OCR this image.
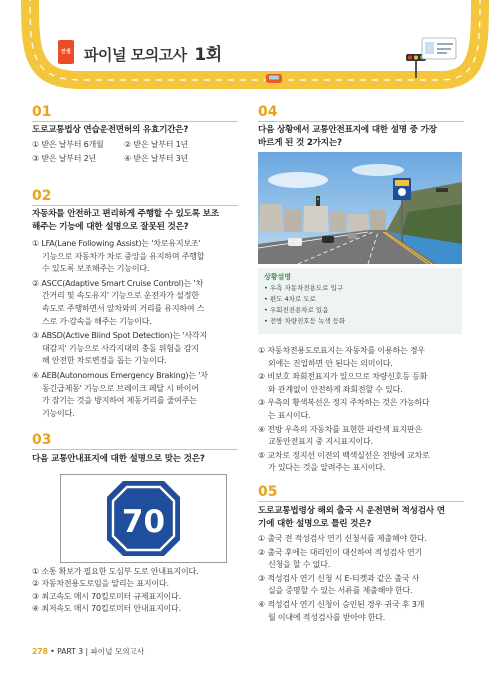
만점 파이널 모의고사 1회
01
도로교통법상 연습운전면허의 유효기간은?
① 받은 날부터 6개월	② 받은 날부터 1년
③ 받은 날부터 2년	④ 받은 날부터 3년
02
자동차를 안전하고 편리하게 주행할 수 있도록 보조
해주는 기능에 대한 설명으로 잘못된 것은?
① LFA(Lane Following Assist)는 '차로유지보조'
기능으로 자동차가 차로 중앙을 유지하며 주행할
수 있도록 보조해주는 기능이다.
② ASCC(Adaptive Smart Cruise Control)는 '차
간거리 및 속도유지' 기능으로 운전자가 설정한
속도로 주행하면서 앞차와의 거리를 유지하여 스
스로 가·감속을 해주는 기능이다.
③ ABSD(Active Blind Spot Detection)는 '사각지
대감지' 기능으로 사각지대의 충돌 위험을 감지
해 안전한 차로변경을 돕는 기능이다.
④ AEB(Autonomous Emergency Braking)는 '자
동긴급제동' 기능으로 브레이크 페달 시 바이어
가 잠기는 것을 방지하여 제동거리를 줄여주는
기능이다.
03
다음 교통안내표지에 대한 설명으로 맞는 것은?
70
① 소통 확보가 필요한 도심부 도로 안내표지이다.
② 자동차전용도로임을 알리는 표지이다.
③ 최고속도 매시 70킬로미터 규제표지이다.
④ 최저속도 매시 70킬로미터 안내표지이다.
04
다음 상황에서 교통안전표지에 대한 설명 중 가장
바르게 된 것 2가지는?
상황설명
• 우측 자동차전용도로 입구
• 편도 4차로 도로
• 우회전전용차로 있음
• 전방 차량진호등 녹색 등화
① 자동차전용도로표지는 자동차를 이용하는 경우
외에는 진입하면 안 된다는 의미이다.
② 비보호 좌회전표지가 있으므로 차량신호등 등화
와 관계없이 안전하게 좌회전할 수 있다.
③ 우측의 황색복선은 정지 주차하는 것은 가능하다
는 표시이다.
④ 전방 우측의 자동차를 표현한 파란색 표지판은
교통안전표지 중 지시표지이다.
⑤ 교차로 정지선 이전의 백색실선은 전방에 교차로
가 있다는 것을 알려주는 표시이다.
05
도로교통법령상 해외 출국 시 운전면허 적성검사 연
기에 대한 설명으로 틀린 것은?
① 출국 전 적성검사 연기 신청서를 제출해야 한다.
② 출국 후에는 대리인이 대신하여 적성검사 연기
신청을 할 수 없다.
③ 적성검사 연기 신청 시 E-티켓과 같은 출국 사
실을 증명할 수 있는 서류를 제출해야 한다.
④ 적성검사 연기 신청이 승인된 경우 귀국 후 3개
월 이내에 적성검사를 받아야 한다.
278 • PART 3 | 파이널 모의고사
